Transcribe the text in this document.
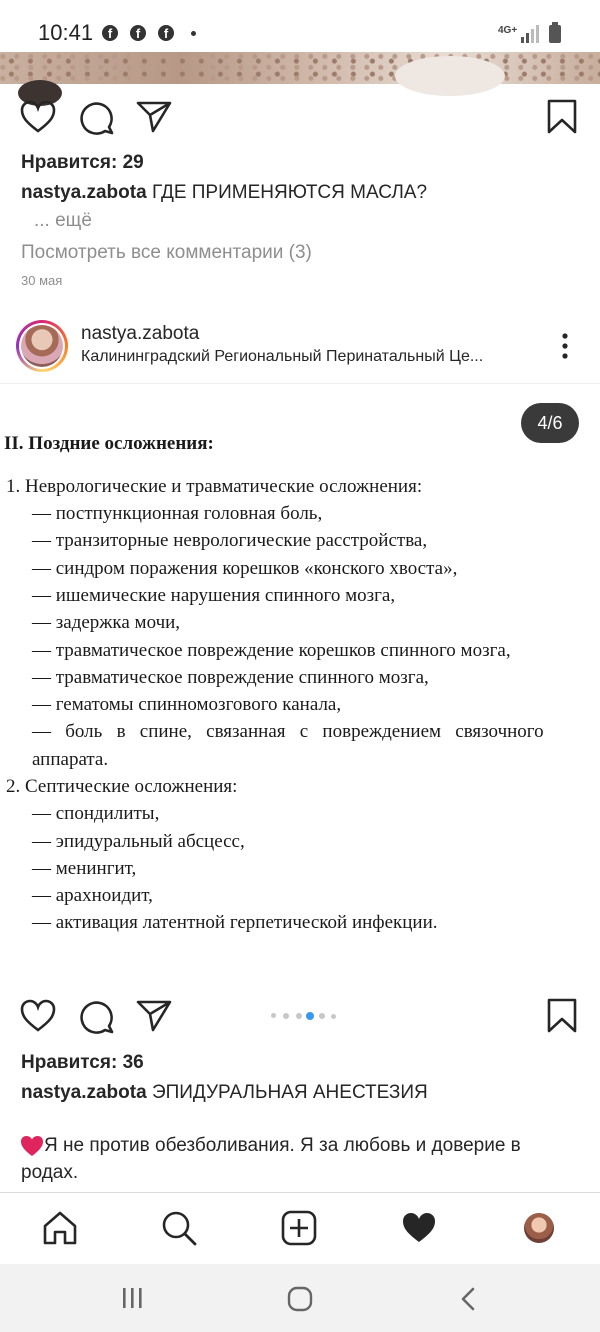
10:41	f	f	f	4G+
Нравится: 29
nastya.zabota ГДЕ ПРИМЕНЯЮТСЯ МАСЛА?
... ещё
Посмотреть все комментарии (3)
30 мая
nastya.zabota
Калининградский Региональный Перинатальный Це...
II. Поздние осложнения:
1. Неврологические и травматические осложнения:
— постпункционная головная боль,
— транзиторные неврологические расстройства,
— синдром поражения корешков «конского хвоста»,
— ишемические нарушения спинного мозга,
— задержка мочи,
— травматическое повреждение корешков спинного мозга,
— травматическое повреждение спинного мозга,
— гематомы спинномозгового канала,
—   боль   в   спине,   связанная   с   повреждением   связочного
аппарата.
2. Септические осложнения:
— спондилиты,
— эпидуральный абсцесс,
— менингит,
— арахноидит,
— активация латентной герпетической инфекции.
4/6
Нравится: 36
nastya.zabota ЭПИДУРАЛЬНАЯ АНЕСТЕЗИЯ
Я не против обезболивания. Я за любовь и доверие в
родах.
